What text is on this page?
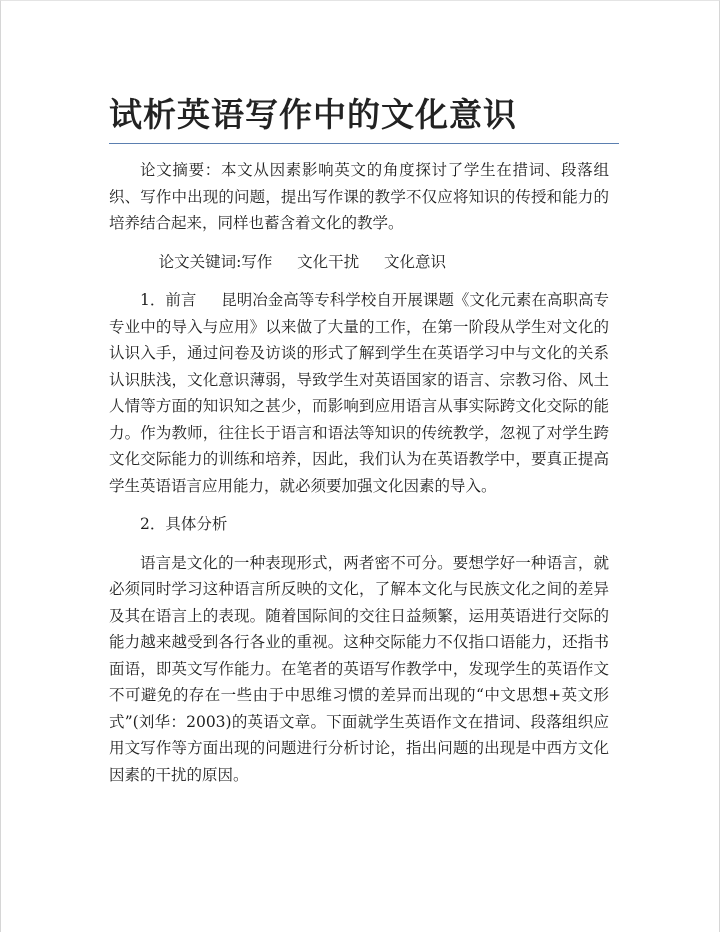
试析英语写作中的文化意识

论文摘要：本文从因素影响英文的角度探讨了学生在措词、段落组织、写作中出现的问题，提出写作课的教学不仅应将知识的传授和能力的培养结合起来，同样也蓄含着文化的教学。

论文关键词:写作 文化干扰 文化意识

1．前言 昆明冶金高等专科学校自开展课题《文化元素在高职高专专业中的导入与应用》以来做了大量的工作，在第一阶段从学生对文化的认识入手，通过问卷及访谈的形式了解到学生在英语学习中与文化的关系认识肤浅，文化意识薄弱，导致学生对英语国家的语言、宗教习俗、风土人情等方面的知识知之甚少，而影响到应用语言从事实际跨文化交际的能力。作为教师，往往长于语言和语法等知识的传统教学，忽视了对学生跨文化交际能力的训练和培养，因此，我们认为在英语教学中，要真正提高学生英语语言应用能力，就必须要加强文化因素的导入。

2．具体分析

语言是文化的一种表现形式，两者密不可分。要想学好一种语言，就必须同时学习这种语言所反映的文化，了解本文化与民族文化之间的差异及其在语言上的表现。随着国际间的交往日益频繁，运用英语进行交际的能力越来越受到各行各业的重视。这种交际能力不仅指口语能力，还指书面语，即英文写作能力。在笔者的英语写作教学中，发现学生的英语作文不可避免的存在一些由于中思维习惯的差异而出现的“中文思想+英文形式”(刘华：2003)的英语文章。下面就学生英语作文在措词、段落组织应用文写作等方面出现的问题进行分析讨论，指出问题的出现是中西方文化因素的干扰的原因。
